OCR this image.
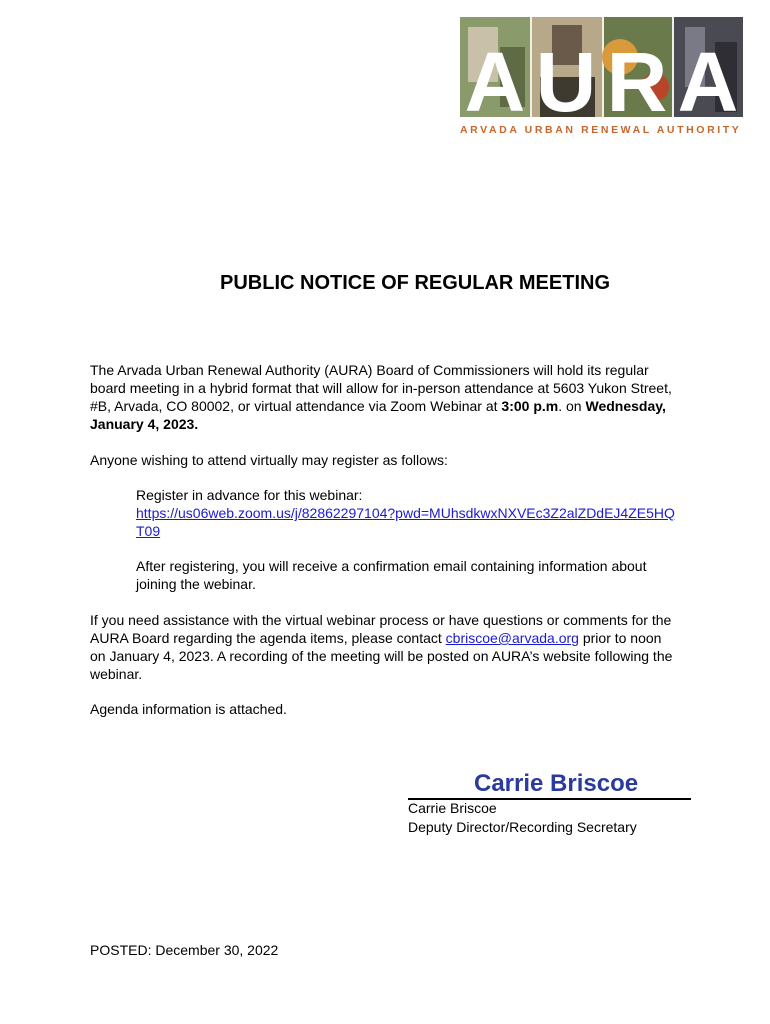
A U R A
ARVADA URBAN RENEWAL AUTHORITY
PUBLIC NOTICE OF REGULAR MEETING

The Arvada Urban Renewal Authority (AURA) Board of Commissioners will hold its regular board meeting in a hybrid format that will allow for in-person attendance at 5603 Yukon Street, #B, Arvada, CO 80002, or virtual attendance via Zoom Webinar at 3:00 p.m. on Wednesday, January 4, 2023.

Anyone wishing to attend virtually may register as follows:

Register in advance for this webinar:

https://us06web.zoom.us/j/82862297104?pwd=MUhsdkwxNXVEc3Z2alZDdEJ4ZE5HQT09

After registering, you will receive a confirmation email containing information about joining the webinar.

If you need assistance with the virtual webinar process or have questions or comments for the AURA Board regarding the agenda items, please contact cbriscoe@arvada.org prior to noon on January 4, 2023. A recording of the meeting will be posted on AURA’s website following the webinar.

Agenda information is attached.

Carrie Briscoe
Carrie Briscoe
Deputy Director/Recording Secretary
POSTED: December 30, 2022
